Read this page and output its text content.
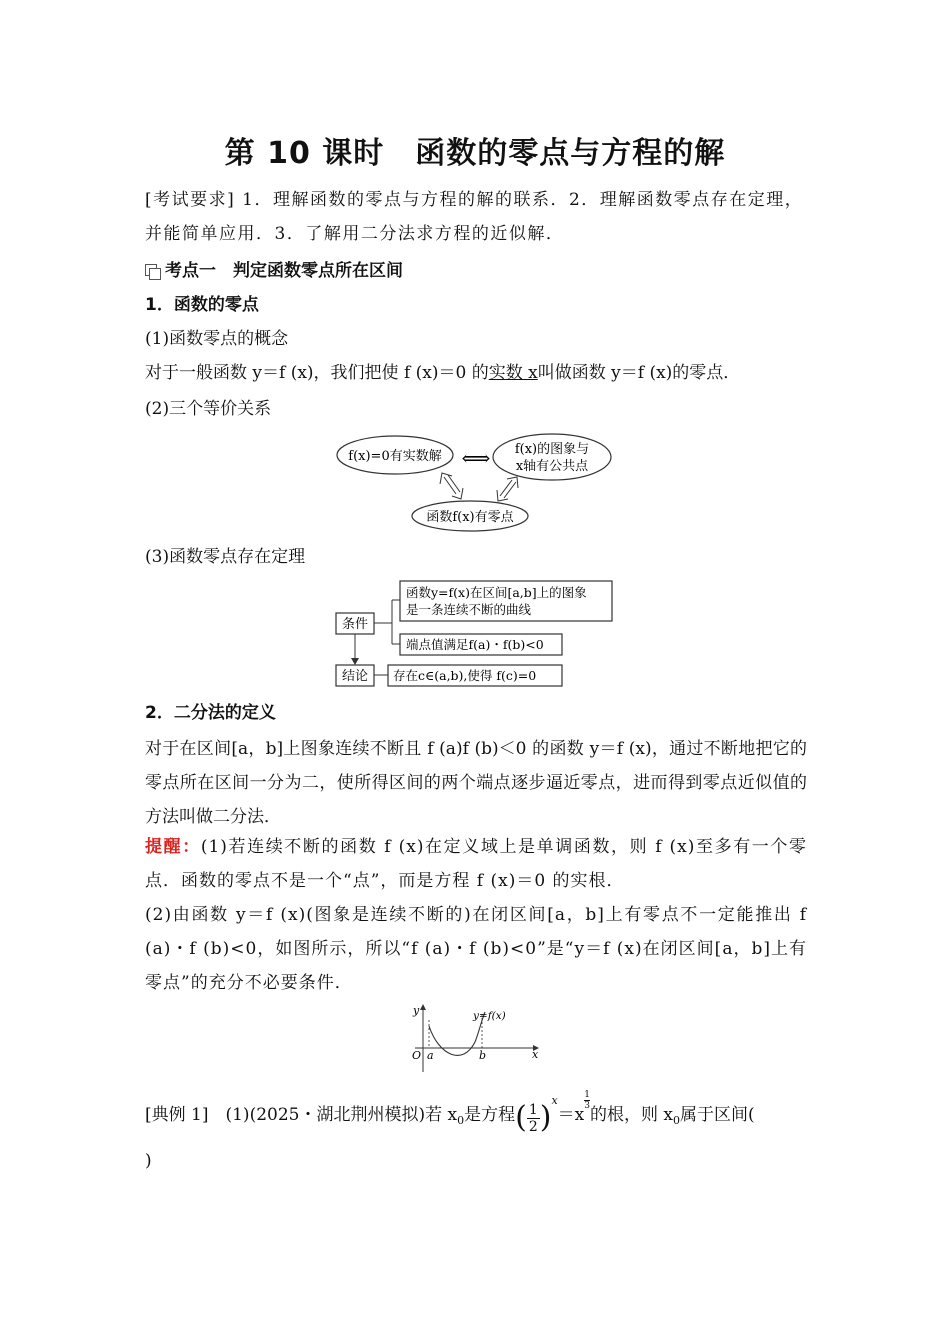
第 10 课时　函数的零点与方程的解
[考试要求] 1．理解函数的零点与方程的解的联系．2．理解函数零点存在定理，并能简单应用．3．了解用二分法求方程的近似解．
考点一　判定函数零点所在区间
1．函数的零点
(1)函数零点的概念
对于一般函数 y＝f (x)，我们把使 f (x)＝0 的实数 x叫做函数 y＝f (x)的零点．
(2)三个等价关系
f(x)=0有实数解 ⟺ f(x)的图象与
x轴有公共点
函数f(x)有零点
(3)函数零点存在定理
条件
函数y=f(x)在区间[a,b]上的图象
是一条连续不断的曲线
端点值满足f(a)・f(b)<0
结论 存在c∈(a,b),使得 f(c)=0
2．二分法的定义
对于在区间[a，b]上图象连续不断且 f (a)f (b)＜0 的函数 y＝f (x)，通过不断地把它的零点所在区间一分为二，使所得区间的两个端点逐步逼近零点，进而得到零点近似值的方法叫做二分法．
提醒：(1)若连续不断的函数 f (x)在定义域上是单调函数，则 f (x)至多有一个零点．函数的零点不是一个“点”，而是方程 f (x)＝0 的实根．
(2)由函数 y＝f (x)(图象是连续不断的)在闭区间[a，b]上有零点不一定能推出 f (a)・f (b)<0，如图所示，所以“f (a)・f (b)<0”是“y＝f (x)在闭区间[a，b]上有零点”的充分不必要条件．
y
x
O a	b
y=f(x)
[典例 1]　(1)(2025・湖北荆州模拟)若 $x_0$是方程( $\frac{1}{2} )^x=x$
$\frac{1}{3}$
的根，则 $x_0$属于区间(
)
